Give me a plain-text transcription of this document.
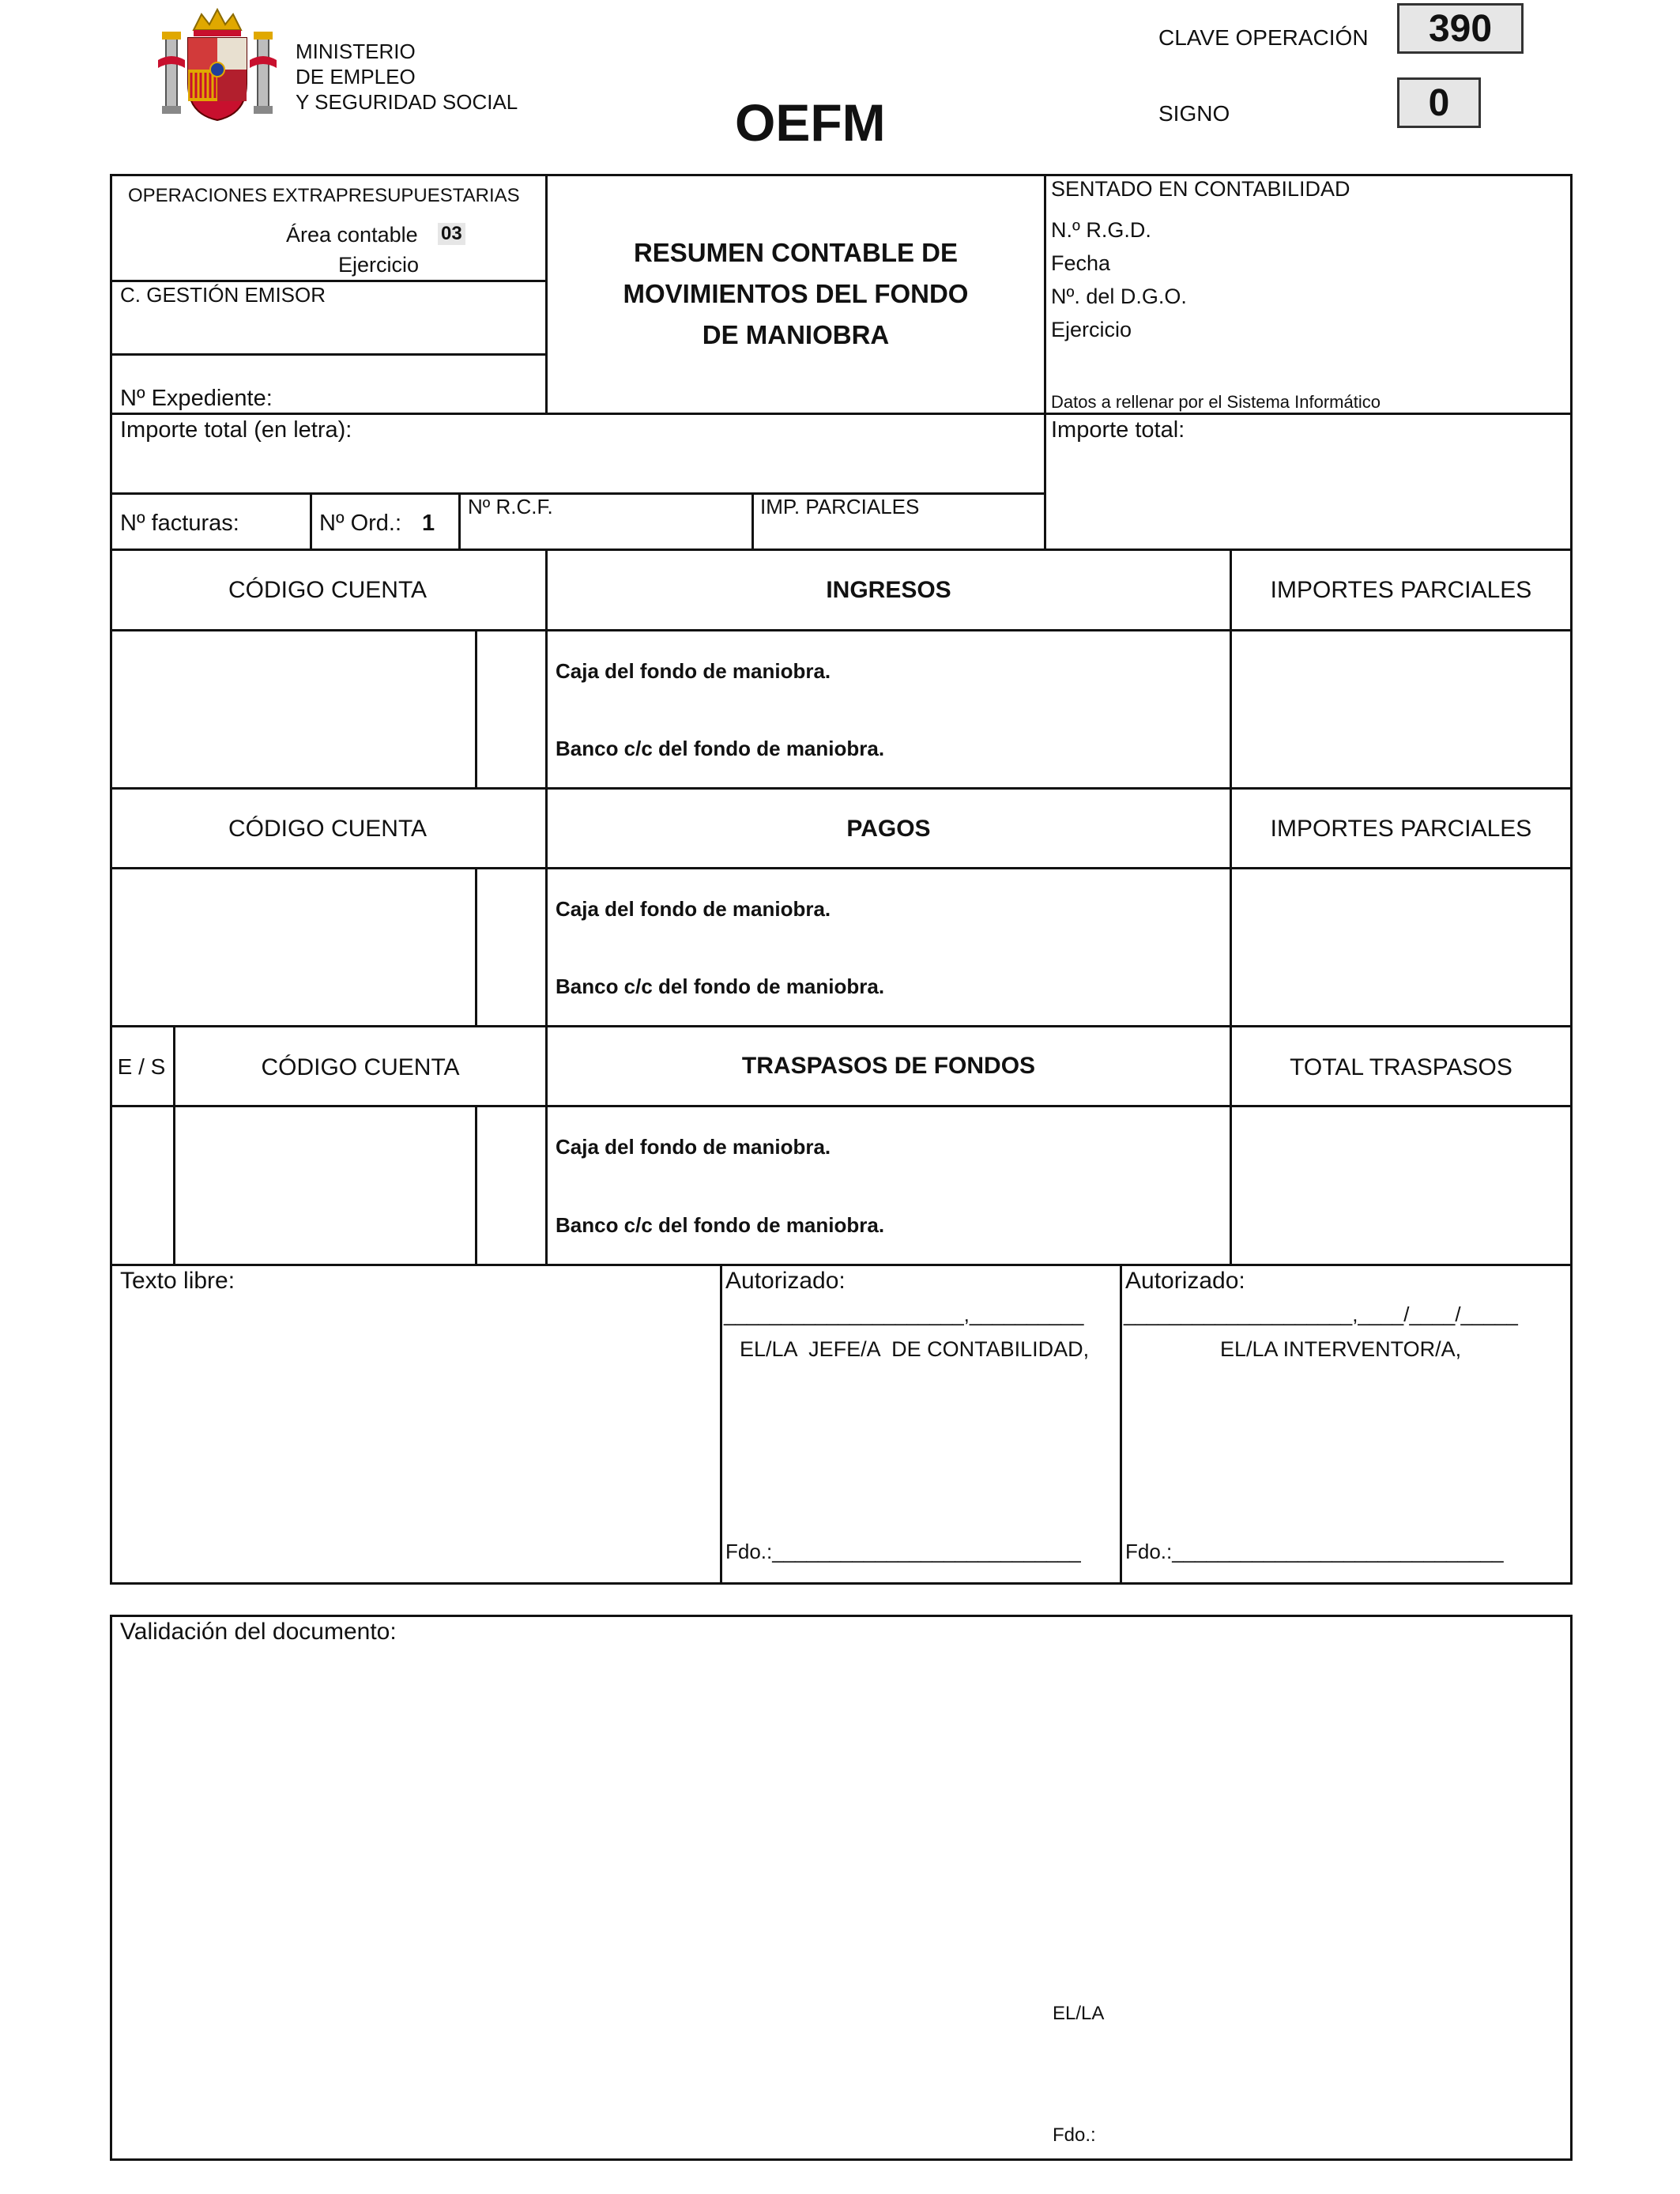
MINISTERIO
DE EMPLEO
Y SEGURIDAD SOCIAL	OEFM
CLAVE OPERACIÓN	390
SIGNO	0
OPERACIONES EXTRAPRESUPUESTARIAS
Área contable 03
Ejercicio
C. GESTIÓN EMISOR
Nº Expediente:
RESUMEN CONTABLE DE
MOVIMIENTOS DEL FONDO
DE MANIOBRA
SENTADO EN CONTABILIDAD
N.º R.G.D.
Fecha
Nº. del D.G.O.
Ejercicio
Datos a rellenar por el Sistema Informático
Importe total (en letra):	Importe total:
Nº facturas:	Nº Ord.: 1
Nº R.C.F.	IMP. PARCIALES
CÓDIGO CUENTA	INGRESOS	IMPORTES PARCIALES
Caja del fondo de maniobra.
Banco c/c del fondo de maniobra.
CÓDIGO CUENTA	PAGOS	IMPORTES PARCIALES
Caja del fondo de maniobra.
Banco c/c del fondo de maniobra.
E / S	CÓDIGO CUENTA	TRASPASOS DE FONDOS	TOTAL TRASPASOS
Caja del fondo de maniobra.
Banco c/c del fondo de maniobra.
Texto libre:	Autorizado:
_____________________,__________
EL/LA  JEFE/A  DE CONTABILIDAD,
Fdo.:___________________________
Autorizado:
____________________,____/____/_____
EL/LA INTERVENTOR/A,
Fdo.:_____________________________
Validación del documento:
EL/LA
Fdo.:
